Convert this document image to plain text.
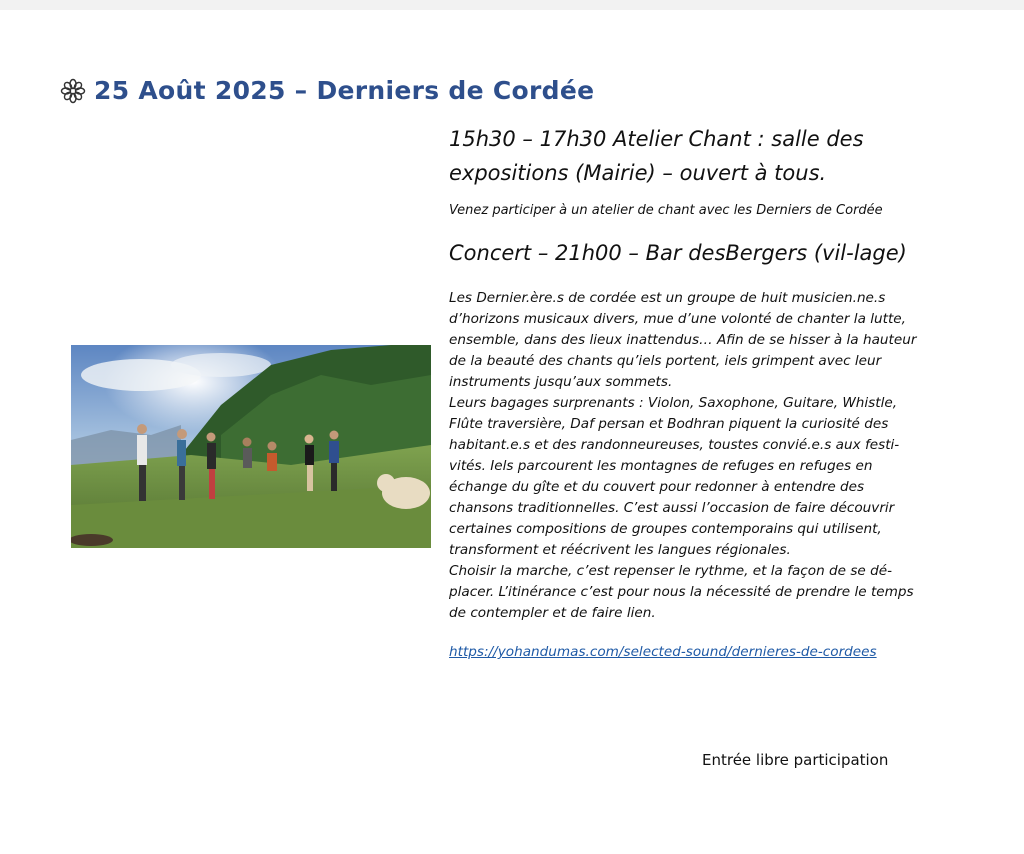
25 Août 2025 – Derniers de Cordée
15h30 – 17h30 Atelier Chant : salle des expositions (Mairie) – ouvert à tous.

Venez participer à un atelier de chant avec les Derniers de Cordée

Concert – 21h00 – Bar desBergers (vil-lage)

Les Dernier.ère.s de cordée est un groupe de huit musicien.ne.s d’horizons musicaux divers, mue d’une volonté de chanter la lutte, ensemble, dans des lieux inattendus… Afin de se hisser à la hauteur de la beauté des chants qu’iels portent, iels grimpent avec leur instruments jusqu’aux sommets.

Leurs bagages surprenants : Violon, Saxophone, Guitare, Whistle, Flûte traversière, Daf persan et Bodhran piquent la curiosité des habitant.e.s et des randonneureuses, toustes convié.e.s aux festi-vités. Iels parcourent les montagnes de refuges en refuges en échange du gîte et du couvert pour redonner à entendre des chansons traditionnelles. C’est aussi l’occasion de faire découvrir certaines compositions de groupes contemporains qui utilisent, transforment et réécrivent les langues régionales.

Choisir la marche, c’est repenser le rythme, et la façon de se dé-placer. L’itinérance c’est pour nous la nécessité de prendre le temps de contempler et de faire lien.

https://yohandumas.com/selected-sound/dernieres-de-cordees
Entrée libre participation
